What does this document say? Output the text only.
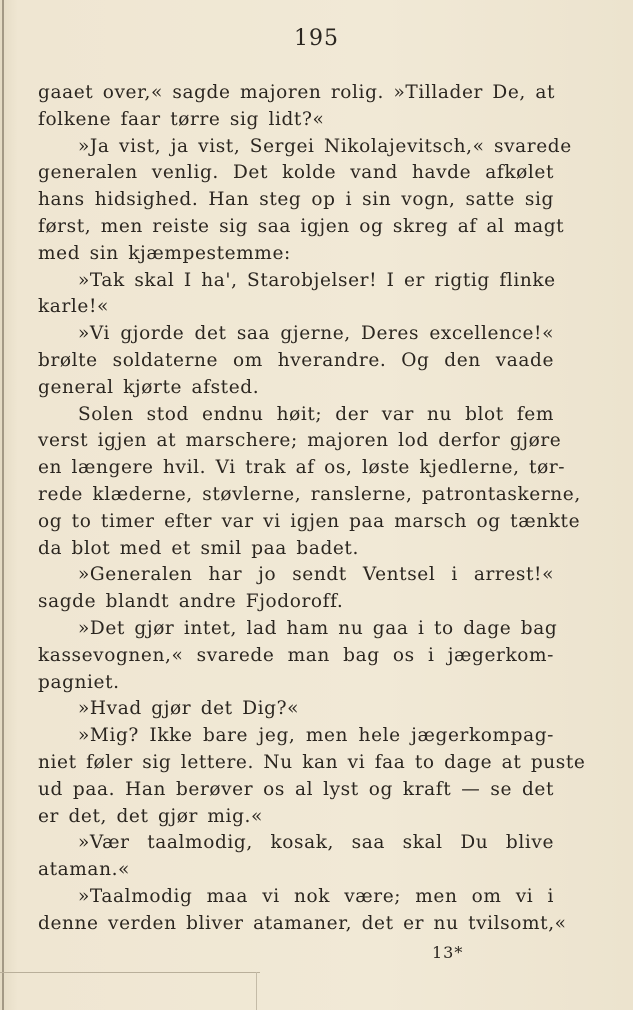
195
gaaet over,« sagde majoren rolig. »Tillader De, at
folkene faar tørre sig lidt?«
»Ja vist, ja vist, Sergei Nikolajevitsch,« svarede
generalen venlig. Det kolde vand havde afkølet
hans hidsighed. Han steg op i sin vogn, satte sig
først, men reiste sig saa igjen og skreg af al magt
med sin kjæmpestemme:
»Tak skal I ha', Starobjelser! I er rigtig flinke
karle!«
»Vi gjorde det saa gjerne, Deres excellence!«
brølte soldaterne om hverandre. Og den vaade
general kjørte afsted.
Solen stod endnu høit; der var nu blot fem
verst igjen at marschere; majoren lod derfor gjøre
en længere hvil. Vi trak af os, løste kjedlerne, tør-
rede klæderne, støvlerne, ranslerne, patrontaskerne,
og to timer efter var vi igjen paa marsch og tænkte
da blot med et smil paa badet.
»Generalen har jo sendt Ventsel i arrest!«
sagde blandt andre Fjodoroff.
»Det gjør intet, lad ham nu gaa i to dage bag
kassevognen,« svarede man bag os i jægerkom-
pagniet.
»Hvad gjør det Dig?«
»Mig? Ikke bare jeg, men hele jægerkompag-
niet føler sig lettere. Nu kan vi faa to dage at puste
ud paa. Han berøver os al lyst og kraft — se det
er det, det gjør mig.«
»Vær taalmodig, kosak, saa skal Du blive
ataman.«
»Taalmodig maa vi nok være; men om vi i
denne verden bliver atamaner, det er nu tvilsomt,«
13*
